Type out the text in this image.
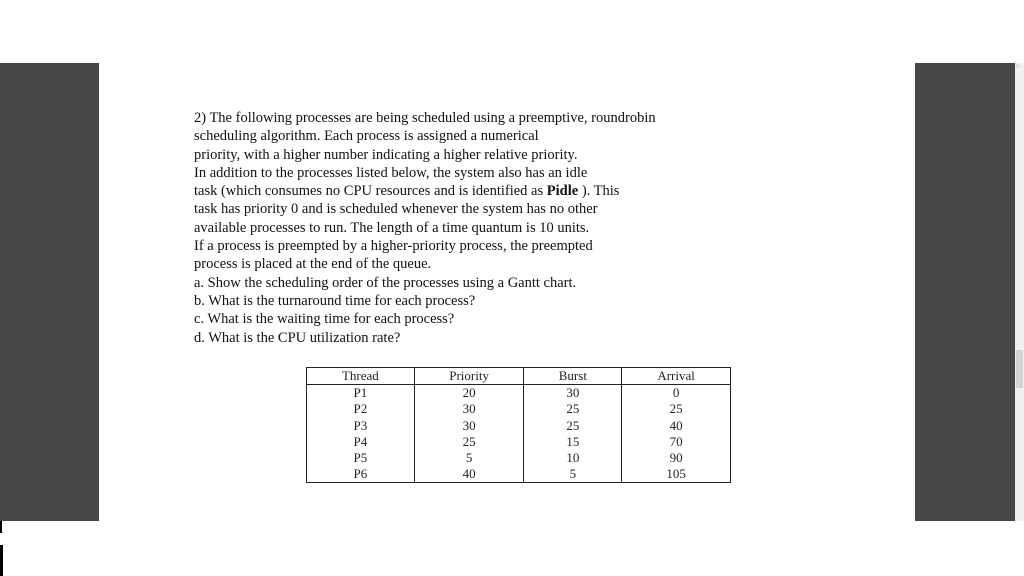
^

2) The following processes are being scheduled using a preemptive, roundrobin

scheduling algorithm. Each process is assigned a numerical

priority, with a higher number indicating a higher relative priority.

In addition to the processes listed below, the system also has an idle

task (which consumes no CPU resources and is identified as Pidle ). This

task has priority 0 and is scheduled whenever the system has no other

available processes to run. The length of a time quantum is 10 units.

If a process is preempted by a higher-priority process, the preempted

process is placed at the end of the queue.

a. Show the scheduling order of the processes using a Gantt chart.

b. What is the turnaround time for each process?

c. What is the waiting time for each process?

d. What is the CPU utilization rate?

Thread	Priority	Burst	Arrival
P1	20	30	0
P2	30	25	25
P3	30	25	40
P4	25	15	70
P5	5	10	90
P6	40	5	105
